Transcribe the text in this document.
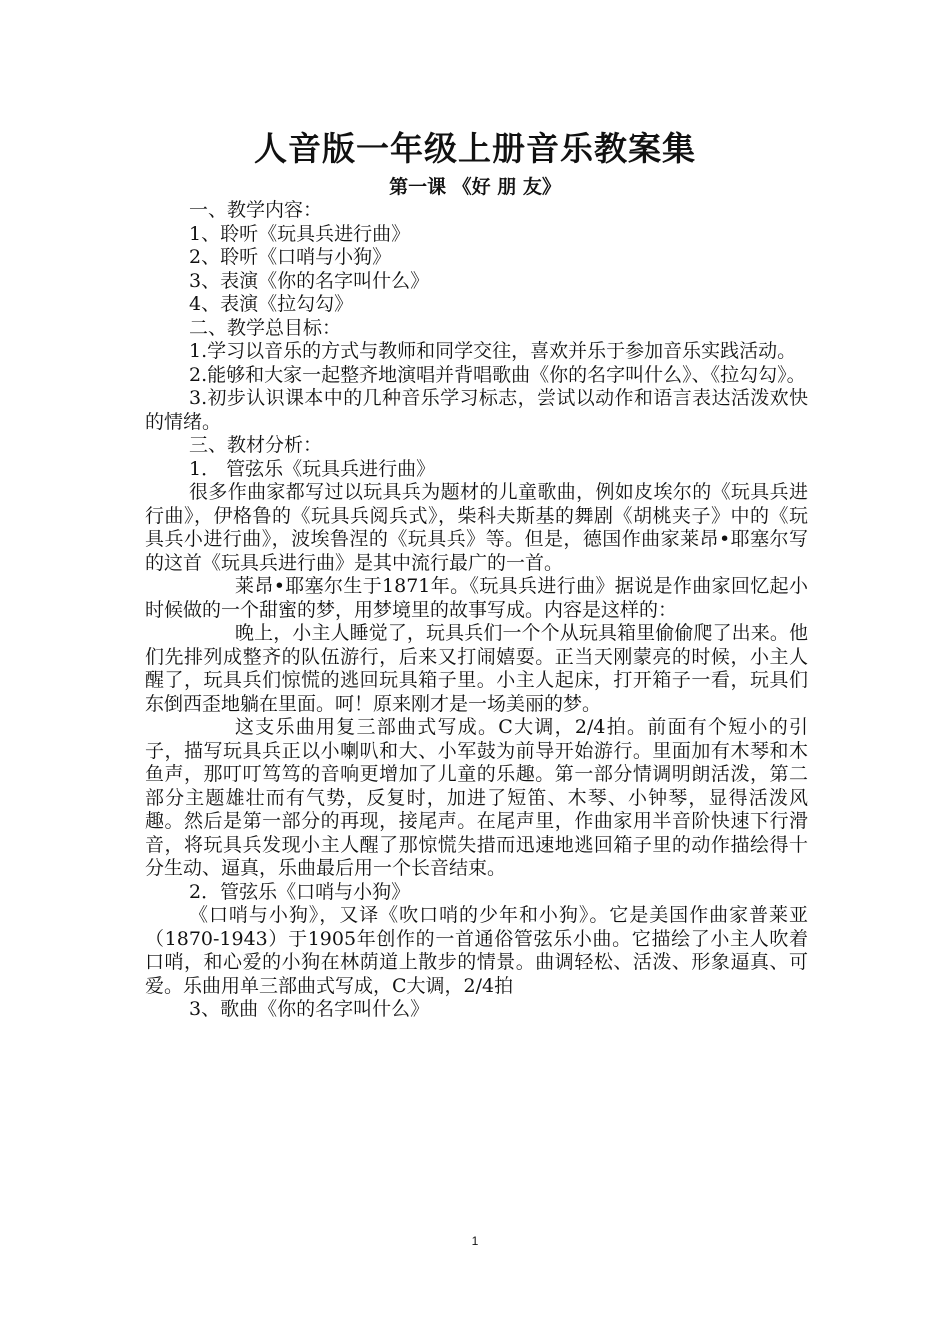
人音版一年级上册音乐教案集
第一课 《好 朋 友》

一、教学内容：

1、聆听《玩具兵进行曲》

2、聆听《口哨与小狗》

3、表演《你的名字叫什么》

4、表演《拉勾勾》

二、教学总目标：

1.学习以音乐的方式与教师和同学交往，喜欢并乐于参加音乐实践活动。

2.能够和大家一起整齐地演唱并背唱歌曲《你的名字叫什么》、《拉勾勾》。

3.初步认识课本中的几种音乐学习标志，尝试以动作和语言表达活泼欢快的情绪。

三、教材分析：

1． 管弦乐《玩具兵进行曲》

很多作曲家都写过以玩具兵为题材的儿童歌曲，例如皮埃尔的《玩具兵进行曲》，伊格鲁的《玩具兵阅兵式》，柴科夫斯基的舞剧《胡桃夹子》中的《玩具兵小进行曲》，波埃鲁涅的《玩具兵》等。但是，德国作曲家莱昂•耶塞尔写的这首《玩具兵进行曲》是其中流行最广的一首。

莱昂•耶塞尔生于1871年。《玩具兵进行曲》据说是作曲家回忆起小时候做的一个甜蜜的梦，用梦境里的故事写成。内容是这样的：

晚上，小主人睡觉了，玩具兵们一个个从玩具箱里偷偷爬了出来。他们先排列成整齐的队伍游行，后来又打闹嬉耍。正当天刚蒙亮的时候，小主人醒了，玩具兵们惊慌的逃回玩具箱子里。小主人起床，打开箱子一看，玩具们东倒西歪地躺在里面。呵！原来刚才是一场美丽的梦。

这支乐曲用复三部曲式写成。C大调，2/4拍。前面有个短小的引子，描写玩具兵正以小喇叭和大、小军鼓为前导开始游行。里面加有木琴和木鱼声，那叮叮笃笃的音响更增加了儿童的乐趣。第一部分情调明朗活泼，第二部分主题雄壮而有气势，反复时，加进了短笛、木琴、小钟琴，显得活泼风趣。然后是第一部分的再现，接尾声。在尾声里，作曲家用半音阶快速下行滑音，将玩具兵发现小主人醒了那惊慌失措而迅速地逃回箱子里的动作描绘得十分生动、逼真，乐曲最后用一个长音结束。

2．管弦乐《口哨与小狗》

《口哨与小狗》，又译《吹口哨的少年和小狗》。它是美国作曲家普莱亚（1870-1943）于1905年创作的一首通俗管弦乐小曲。它描绘了小主人吹着口哨，和心爱的小狗在林荫道上散步的情景。曲调轻松、活泼、形象逼真、可爱。乐曲用单三部曲式写成，C大调，2/4拍

3、歌曲《你的名字叫什么》

1
